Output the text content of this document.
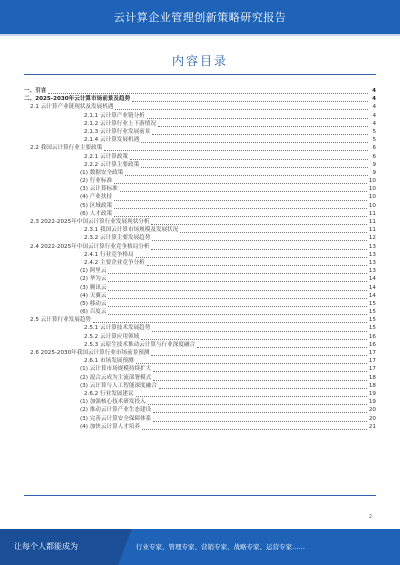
云计算企业管理创新策略研究报告
内容目录
一、引言	4
二、2025-2030年云计算市场前景及趋势	4
2.1 云计算产业链现状及发展机遇	4
2.1.1 云计算产业链分析	4
2.1.2 云计算行业上下游情况	4
2.1.3 云计算行业发展前景	5
2.1.4 云计算发展机遇	5
2.2 我国云计算行业主要政策	6
2.2.1 云计算政策	6
2.2.2 云计算主要政策	9
(1) 数据安全政策	9
(2) 行业标准	10
(3) 云计算标准	10
(4) 产业扶持	10
(5) 区域政策	10
(6) 人才政策	11
2.3 2022-2025年中国云计算行业发展现状分析	11
2.3.1 我国云计算市场规模及发展状况	11
2.3.2 云计算主要发展趋势	12
2.4 2022-2025年中国云计算行业竞争格局分析	13
2.4.1 行业竞争格局	13
2.4.2 主要企业竞争分析	13
(1) 阿里云	13
(2) 华为云	14
(3) 腾讯云	14
(4) 天翼云	14
(5) 移动云	15
(6) 百度云	15
2.5 云计算行业发展趋势	15
2.5.1 云计算技术发展趋势	15
2.5.2 云计算应用领域	16
2.5.3 云原生技术推动云计算与行业深度融合	16
2.6 2025-2030年我国云计算行业市场前景预测	17
2.6.1 市场发展预测	17
(1) 云计算市场规模持续扩大	17
(2) 混合云成为主流部署模式	18
(3) 云计算与人工智能深度融合	18
2.6.2 行业发展建议	19
(1) 加强核心技术研发投入	19
(2) 推动云计算产业生态建设	20
(3) 完善云计算安全保障体系	20
(4) 加快云计算人才培养	21
2
让每个人都能成为	行业专家、管理专家、营销专家、战略专家、运营专家……
